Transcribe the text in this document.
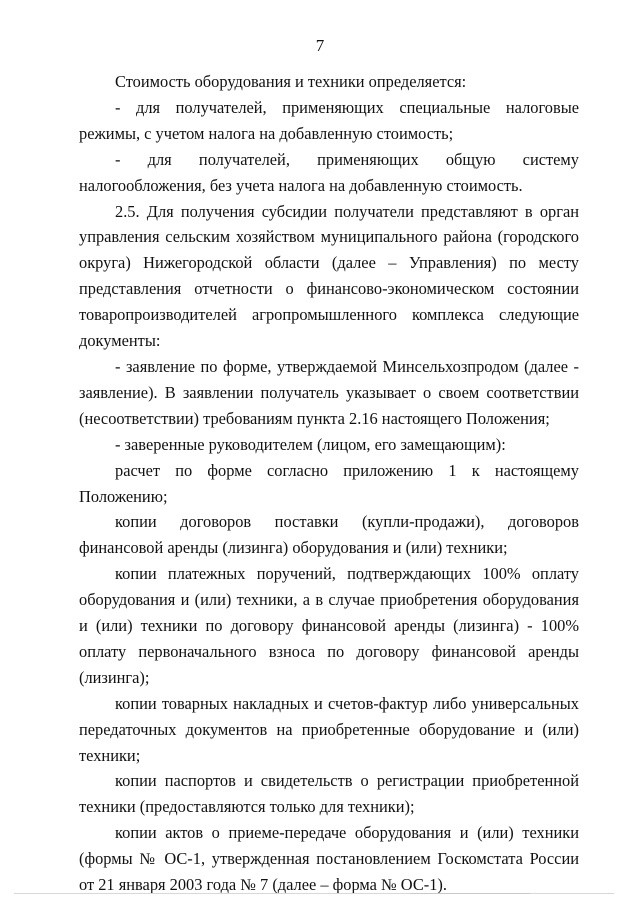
7

Стоимость оборудования и техники определяется:

- для получателей, применяющих специальные налоговые режимы, с учетом налога на добавленную стоимость;

- для получателей, применяющих общую систему налогообложения, без учета налога на добавленную стоимость.

2.5. Для получения субсидии получатели представляют в орган управления сельским хозяйством муниципального района (городского округа) Нижегородской области (далее – Управления) по месту представления отчетности о финансово-экономическом состоянии товаропроизводителей агропромышленного комплекса следующие документы:

- заявление по форме, утверждаемой Минсельхозпродом (далее - заявление). В заявлении получатель указывает о своем соответствии (несоответствии) требованиям пункта 2.16 настоящего Положения;

- заверенные руководителем (лицом, его замещающим):

расчет по форме согласно приложению 1 к настоящему Положению;

копии договоров поставки (купли-продажи), договоров финансовой аренды (лизинга) оборудования и (или) техники;

копии платежных поручений, подтверждающих 100% оплату оборудования и (или) техники, а в случае приобретения оборудования и (или) техники по договору финансовой аренды (лизинга) - 100% оплату первоначального взноса по договору финансовой аренды (лизинга);

копии товарных накладных и счетов-фактур либо универсальных передаточных документов на приобретенные оборудование и (или) техники;

копии паспортов и свидетельств о регистрации приобретенной техники (предоставляются только для техники);

копии актов о приеме-передаче оборудования и (или) техники (формы № ОС-1, утвержденная постановлением Госкомстата России от 21 января 2003 года № 7 (далее – форма № ОС-1).
